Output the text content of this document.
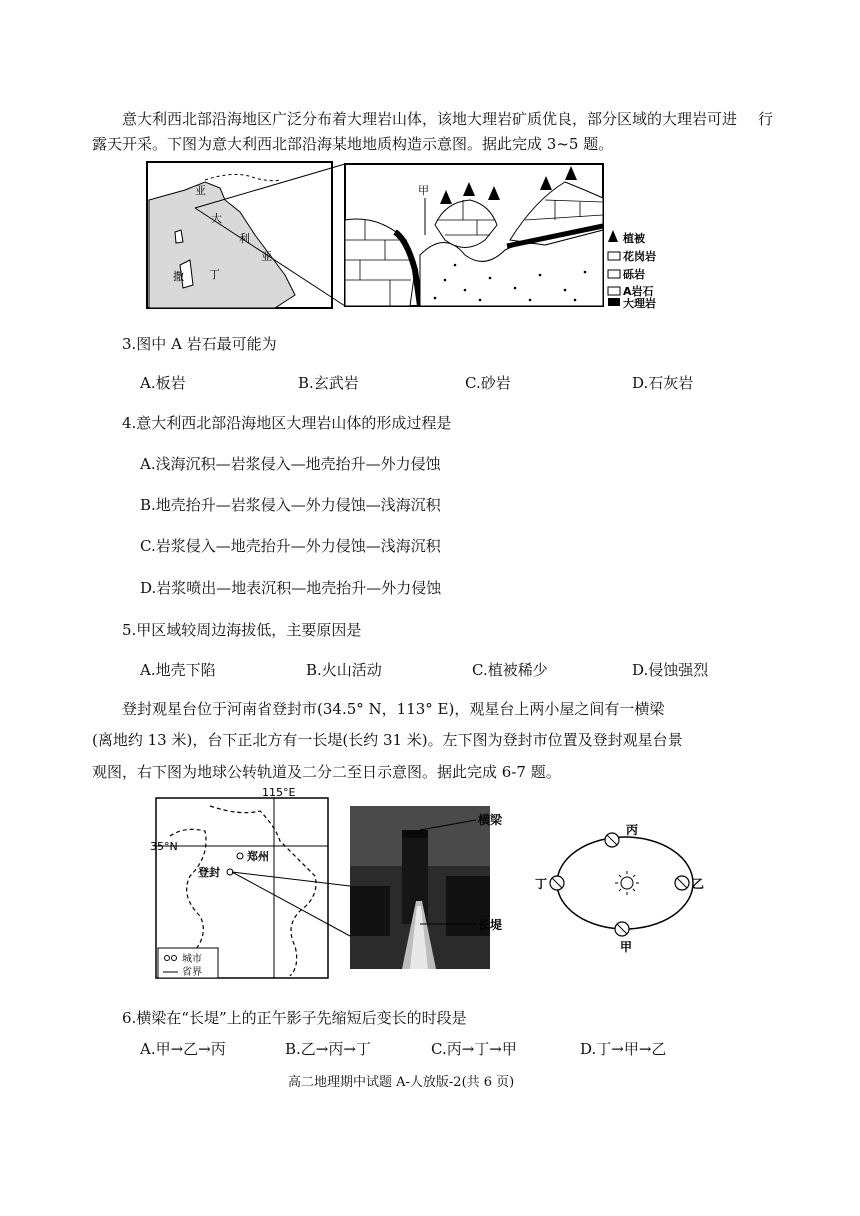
意大利西北部沿海地区广泛分布着大理岩山体，该地大理岩矿质优良，部分区域的大理岩可进 行
露天开采。下图为意大利西北部沿海某地地质构造示意图。据此完成 3~5 题。
亚
大
利
亚
撒 丁
甲
植被
花岗岩
砾岩
A岩石
大理岩
3.图中 A 岩石最可能为
A.板岩	B.玄武岩	C.砂岩	D.石灰岩
4.意大利西北部沿海地区大理岩山体的形成过程是
A.浅海沉积—岩浆侵入—地壳抬升—外力侵蚀
B.地壳抬升—岩浆侵入—外力侵蚀—浅海沉积
C.岩浆侵入—地壳抬升—外力侵蚀—浅海沉积
D.岩浆喷出—地表沉积—地壳抬升—外力侵蚀
5.甲区域较周边海拔低，主要原因是
A.地壳下陷	B.火山活动	C.植被稀少	D.侵蚀强烈
登封观星台位于河南省登封市(34.5° N，113° E)，观星台上两小屋之间有一横梁
(离地约 13 米)，台下正北方有一长堤(长约 31 米)。左下图为登封市位置及登封观星台景
观图，右下图为地球公转轨道及二分二至日示意图。据此完成 6-7 题。
115°E
35°N
郑州
登封
城市
省界
横梁
长堤
丙
乙
甲
丁
6.横梁在“长堤”上的正午影子先缩短后变长的时段是
A.甲→乙→丙	B.乙→丙→丁	C.丙→丁→甲	D.丁→甲→乙
高二地理期中试题 A-人放版-2(共 6 页)
